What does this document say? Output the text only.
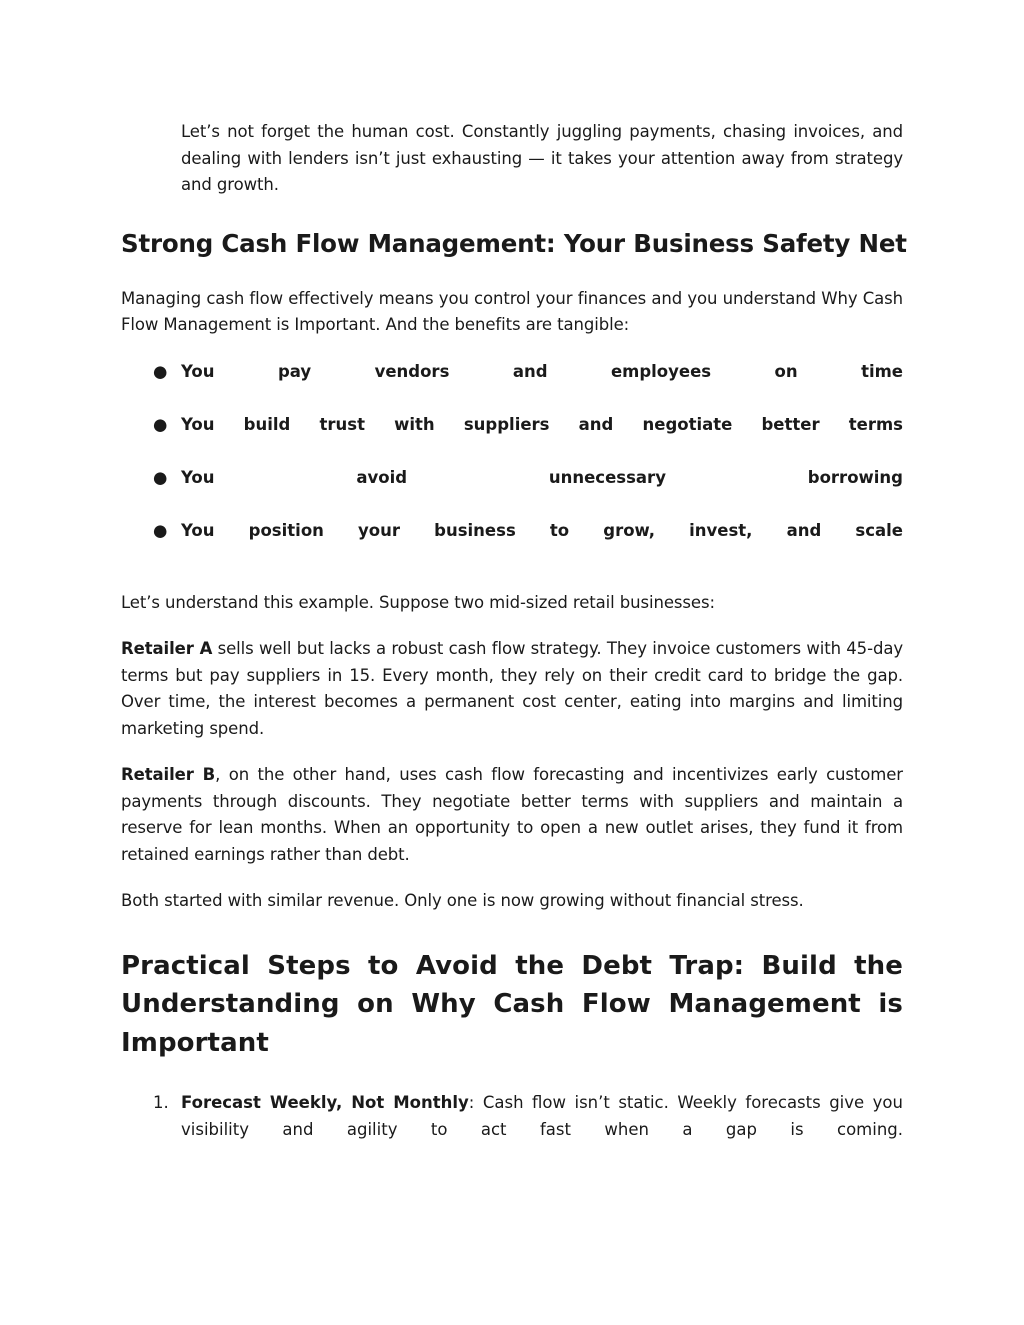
Let’s not forget the human cost. Constantly juggling payments, chasing invoices, and dealing with lenders isn’t just exhausting — it takes your attention away from strategy and growth.

Strong Cash Flow Management: Your Business Safety Net

Managing cash flow effectively means you control your finances and you understand Why Cash Flow Management is Important. And the benefits are tangible:

● You pay vendors and employees on time
● You build trust with suppliers and negotiate better terms
● You avoid unnecessary borrowing
● You position your business to grow, invest, and scale

Let’s understand this example. Suppose two mid-sized retail businesses:

Retailer A sells well but lacks a robust cash flow strategy. They invoice customers with 45-day terms but pay suppliers in 15. Every month, they rely on their credit card to bridge the gap. Over time, the interest becomes a permanent cost center, eating into margins and limiting marketing spend.

Retailer B, on the other hand, uses cash flow forecasting and incentivizes early customer payments through discounts. They negotiate better terms with suppliers and maintain a reserve for lean months. When an opportunity to open a new outlet arises, they fund it from retained earnings rather than debt.

Both started with similar revenue. Only one is now growing without financial stress.

Practical Steps to Avoid the Debt Trap: Build the Understanding on Why Cash Flow Management is Important
1. Forecast Weekly, Not Monthly: Cash flow isn’t static. Weekly forecasts give you visibility and agility to act fast when a gap is coming.
